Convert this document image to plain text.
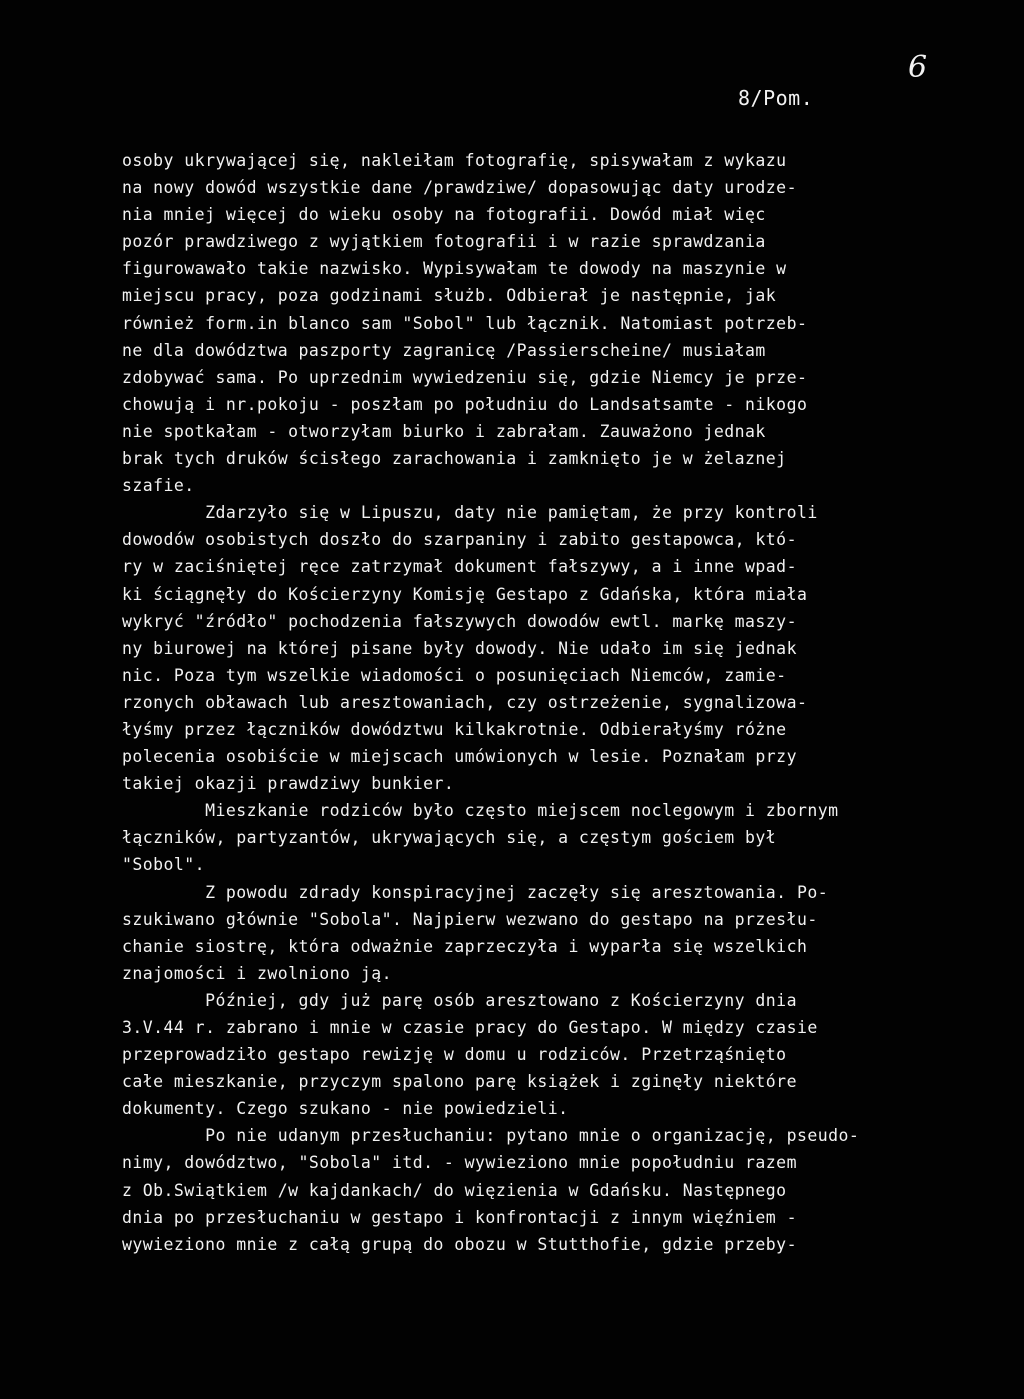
6
8/Pom.
osoby ukrywającej się, nakleiłam fotografię, spisywałam z wykazu
na nowy dowód wszystkie dane /prawdziwe/ dopasowując daty urodze-
nia mniej więcej do wieku osoby na fotografii. Dowód miał więc
pozór prawdziwego z wyjątkiem fotografii i w razie sprawdzania
figurowawało takie nazwisko. Wypisywałam te dowody na maszynie w
miejscu pracy, poza godzinami służb. Odbierał je następnie, jak
również form.in blanco sam "Sobol" lub łącznik. Natomiast potrzeb-
ne dla dowództwa paszporty zagranicę /Passierscheine/ musiałam
zdobywać sama. Po uprzednim wywiedzeniu się, gdzie Niemcy je prze-
chowują i nr.pokoju - poszłam po południu do Landsatsamte - nikogo
nie spotkałam - otworzyłam biurko i zabrałam. Zauważono jednak
brak tych druków ścisłego zarachowania i zamknięto je w żelaznej
szafie.
Zdarzyło się w Lipuszu, daty nie pamiętam, że przy kontroli
dowodów osobistych doszło do szarpaniny i zabito gestapowca, któ-
ry w zaciśniętej ręce zatrzymał dokument fałszywy, a i inne wpad-
ki ściągnęły do Kościerzyny Komisję Gestapo z Gdańska, która miała
wykryć "źródło" pochodzenia fałszywych dowodów ewtl. markę maszy-
ny biurowej na której pisane były dowody. Nie udało im się jednak
nic. Poza tym wszelkie wiadomości o posunięciach Niemców, zamie-
rzonych obławach lub aresztowaniach, czy ostrzeżenie, sygnalizowa-
łyśmy przez łączników dowództwu kilkakrotnie. Odbierałyśmy różne
polecenia osobiście w miejscach umówionych w lesie. Poznałam przy
takiej okazji prawdziwy bunkier.
Mieszkanie rodziców było często miejscem noclegowym i zbornym
łączników, partyzantów, ukrywających się, a częstym gościem był
"Sobol".
Z powodu zdrady konspiracyjnej zaczęły się aresztowania. Po-
szukiwano głównie "Sobola". Najpierw wezwano do gestapo na przesłu-
chanie siostrę, która odważnie zaprzeczyła i wyparła się wszelkich
znajomości i zwolniono ją.
Później, gdy już parę osób aresztowano z Kościerzyny dnia
3.V.44 r. zabrano i mnie w czasie pracy do Gestapo. W między czasie
przeprowadziło gestapo rewizję w domu u rodziców. Przetrząśnięto
całe mieszkanie, przyczym spalono parę książek i zginęły niektóre
dokumenty. Czego szukano - nie powiedzieli.
Po nie udanym przesłuchaniu: pytano mnie o organizację, pseudo-
nimy, dowództwo, "Sobola" itd. - wywieziono mnie popołudniu razem
z Ob.Swiątkiem /w kajdankach/ do więzienia w Gdańsku. Następnego
dnia po przesłuchaniu w gestapo i konfrontacji z innym więźniem -
wywieziono mnie z całą grupą do obozu w Stutthofie, gdzie przeby-
